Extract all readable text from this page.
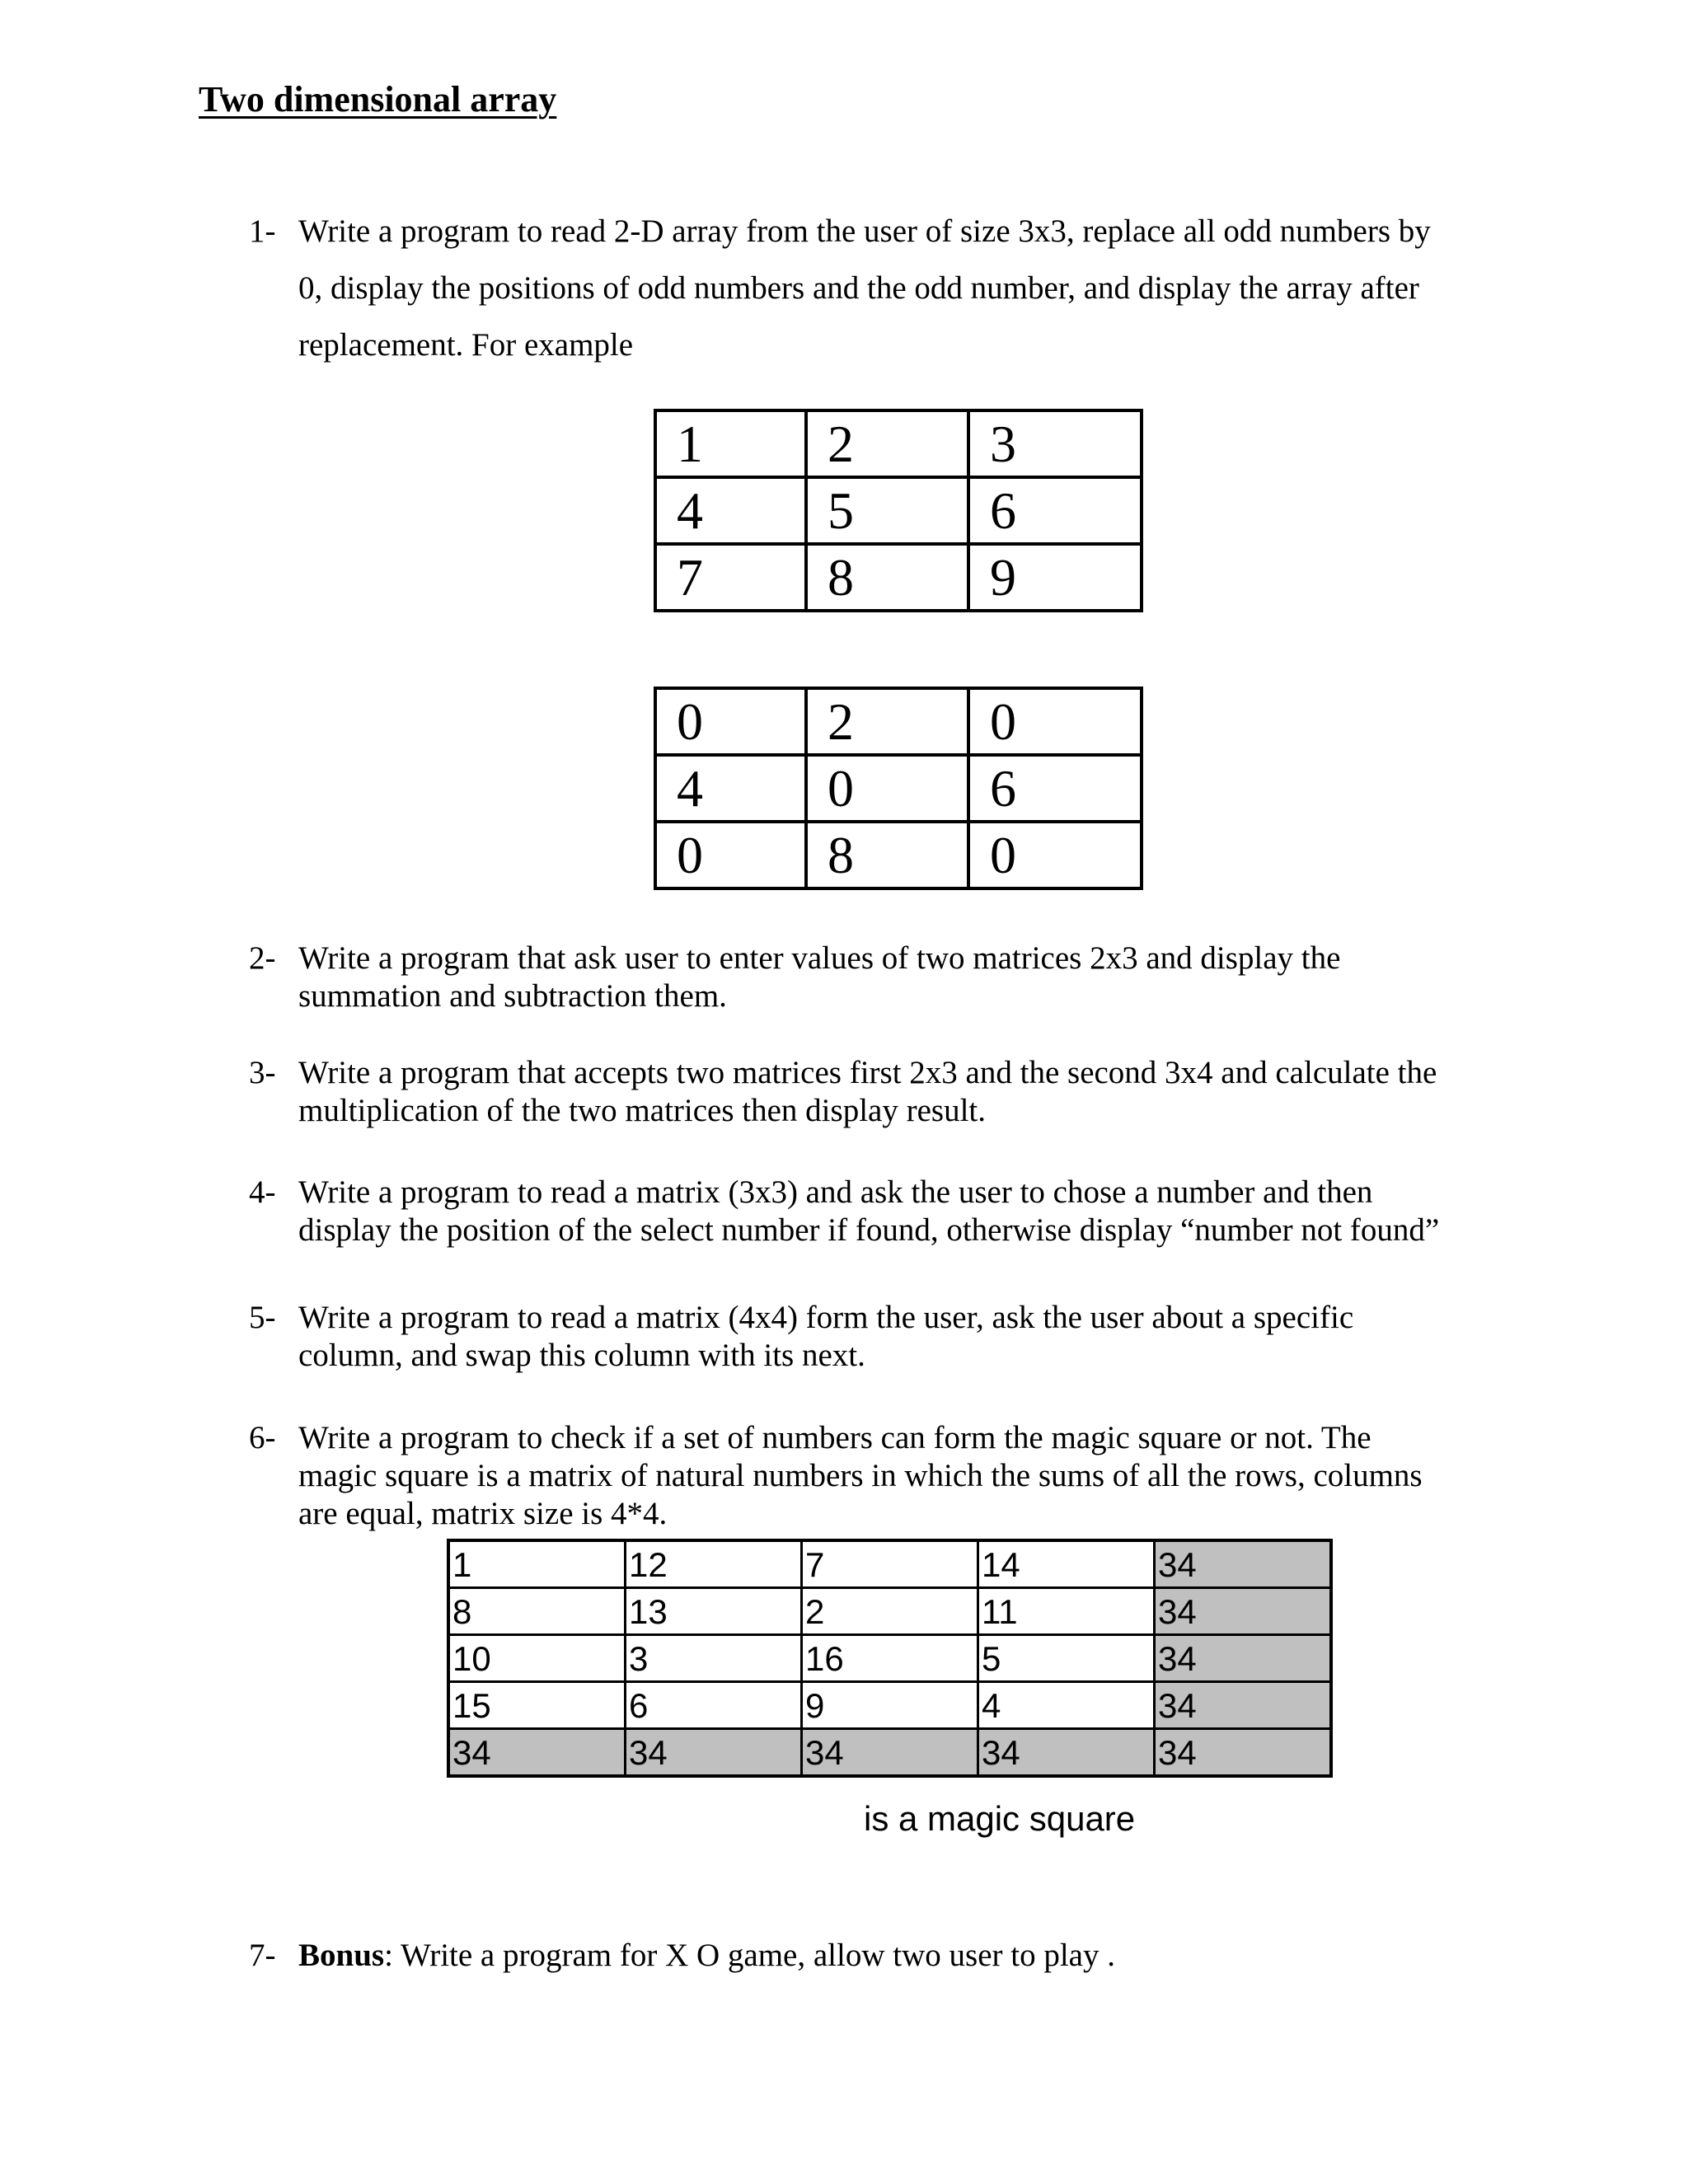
Two dimensional array
1- Write a program to read 2-D array from the user of size 3x3, replace all odd numbers by
0, display the positions of odd numbers and the odd number, and display the array after
replacement. For example
1	2	3
4	5	6
7	8	9
0	2	0
4	0	6
0	8	0
2- Write a program that ask user to enter values of two matrices 2x3 and display the
summation and subtraction them.
3- Write a program that accepts two matrices first 2x3 and the second 3x4 and calculate the
multiplication of the two matrices then display result.
4- Write a program to read a matrix (3x3) and ask the user to chose a number and then
display the position of the select number if found, otherwise display “number not found”
5- Write a program to read a matrix (4x4) form the user, ask the user about a specific
column, and swap this column with its next.
6- Write a program to check if a set of numbers can form the magic square or not. The
magic square is a matrix of natural numbers in which the sums of all the rows, columns
are equal, matrix size is 4*4.
1	12	7	14	34
8	13	2	11	34
10	3	16	5	34
15	6	9	4	34
34	34	34	34	34
is a magic square
7- Bonus: Write a program for X O game, allow two user to play .
